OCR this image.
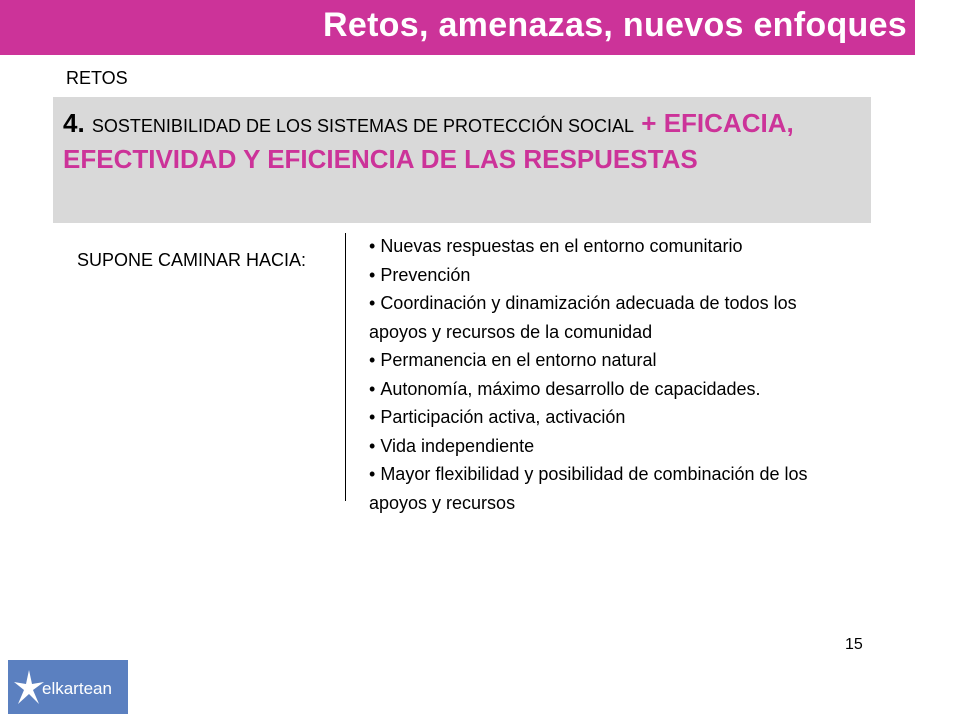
Retos, amenazas, nuevos enfoques
RETOS
4. SOSTENIBILIDAD DE LOS SISTEMAS DE PROTECCIÓN SOCIAL + EFICACIA, EFECTIVIDAD Y EFICIENCIA DE LAS RESPUESTAS
SUPONE CAMINAR HACIA:
• Nuevas respuestas en el entorno comunitario
• Prevención
• Coordinación y dinamización adecuada de todos los apoyos y recursos de la comunidad
• Permanencia en el entorno natural
• Autonomía, máximo desarrollo de capacidades.
• Participación activa, activación
• Vida independiente
• Mayor flexibilidad y posibilidad de combinación de los apoyos y recursos
15
elkartean
